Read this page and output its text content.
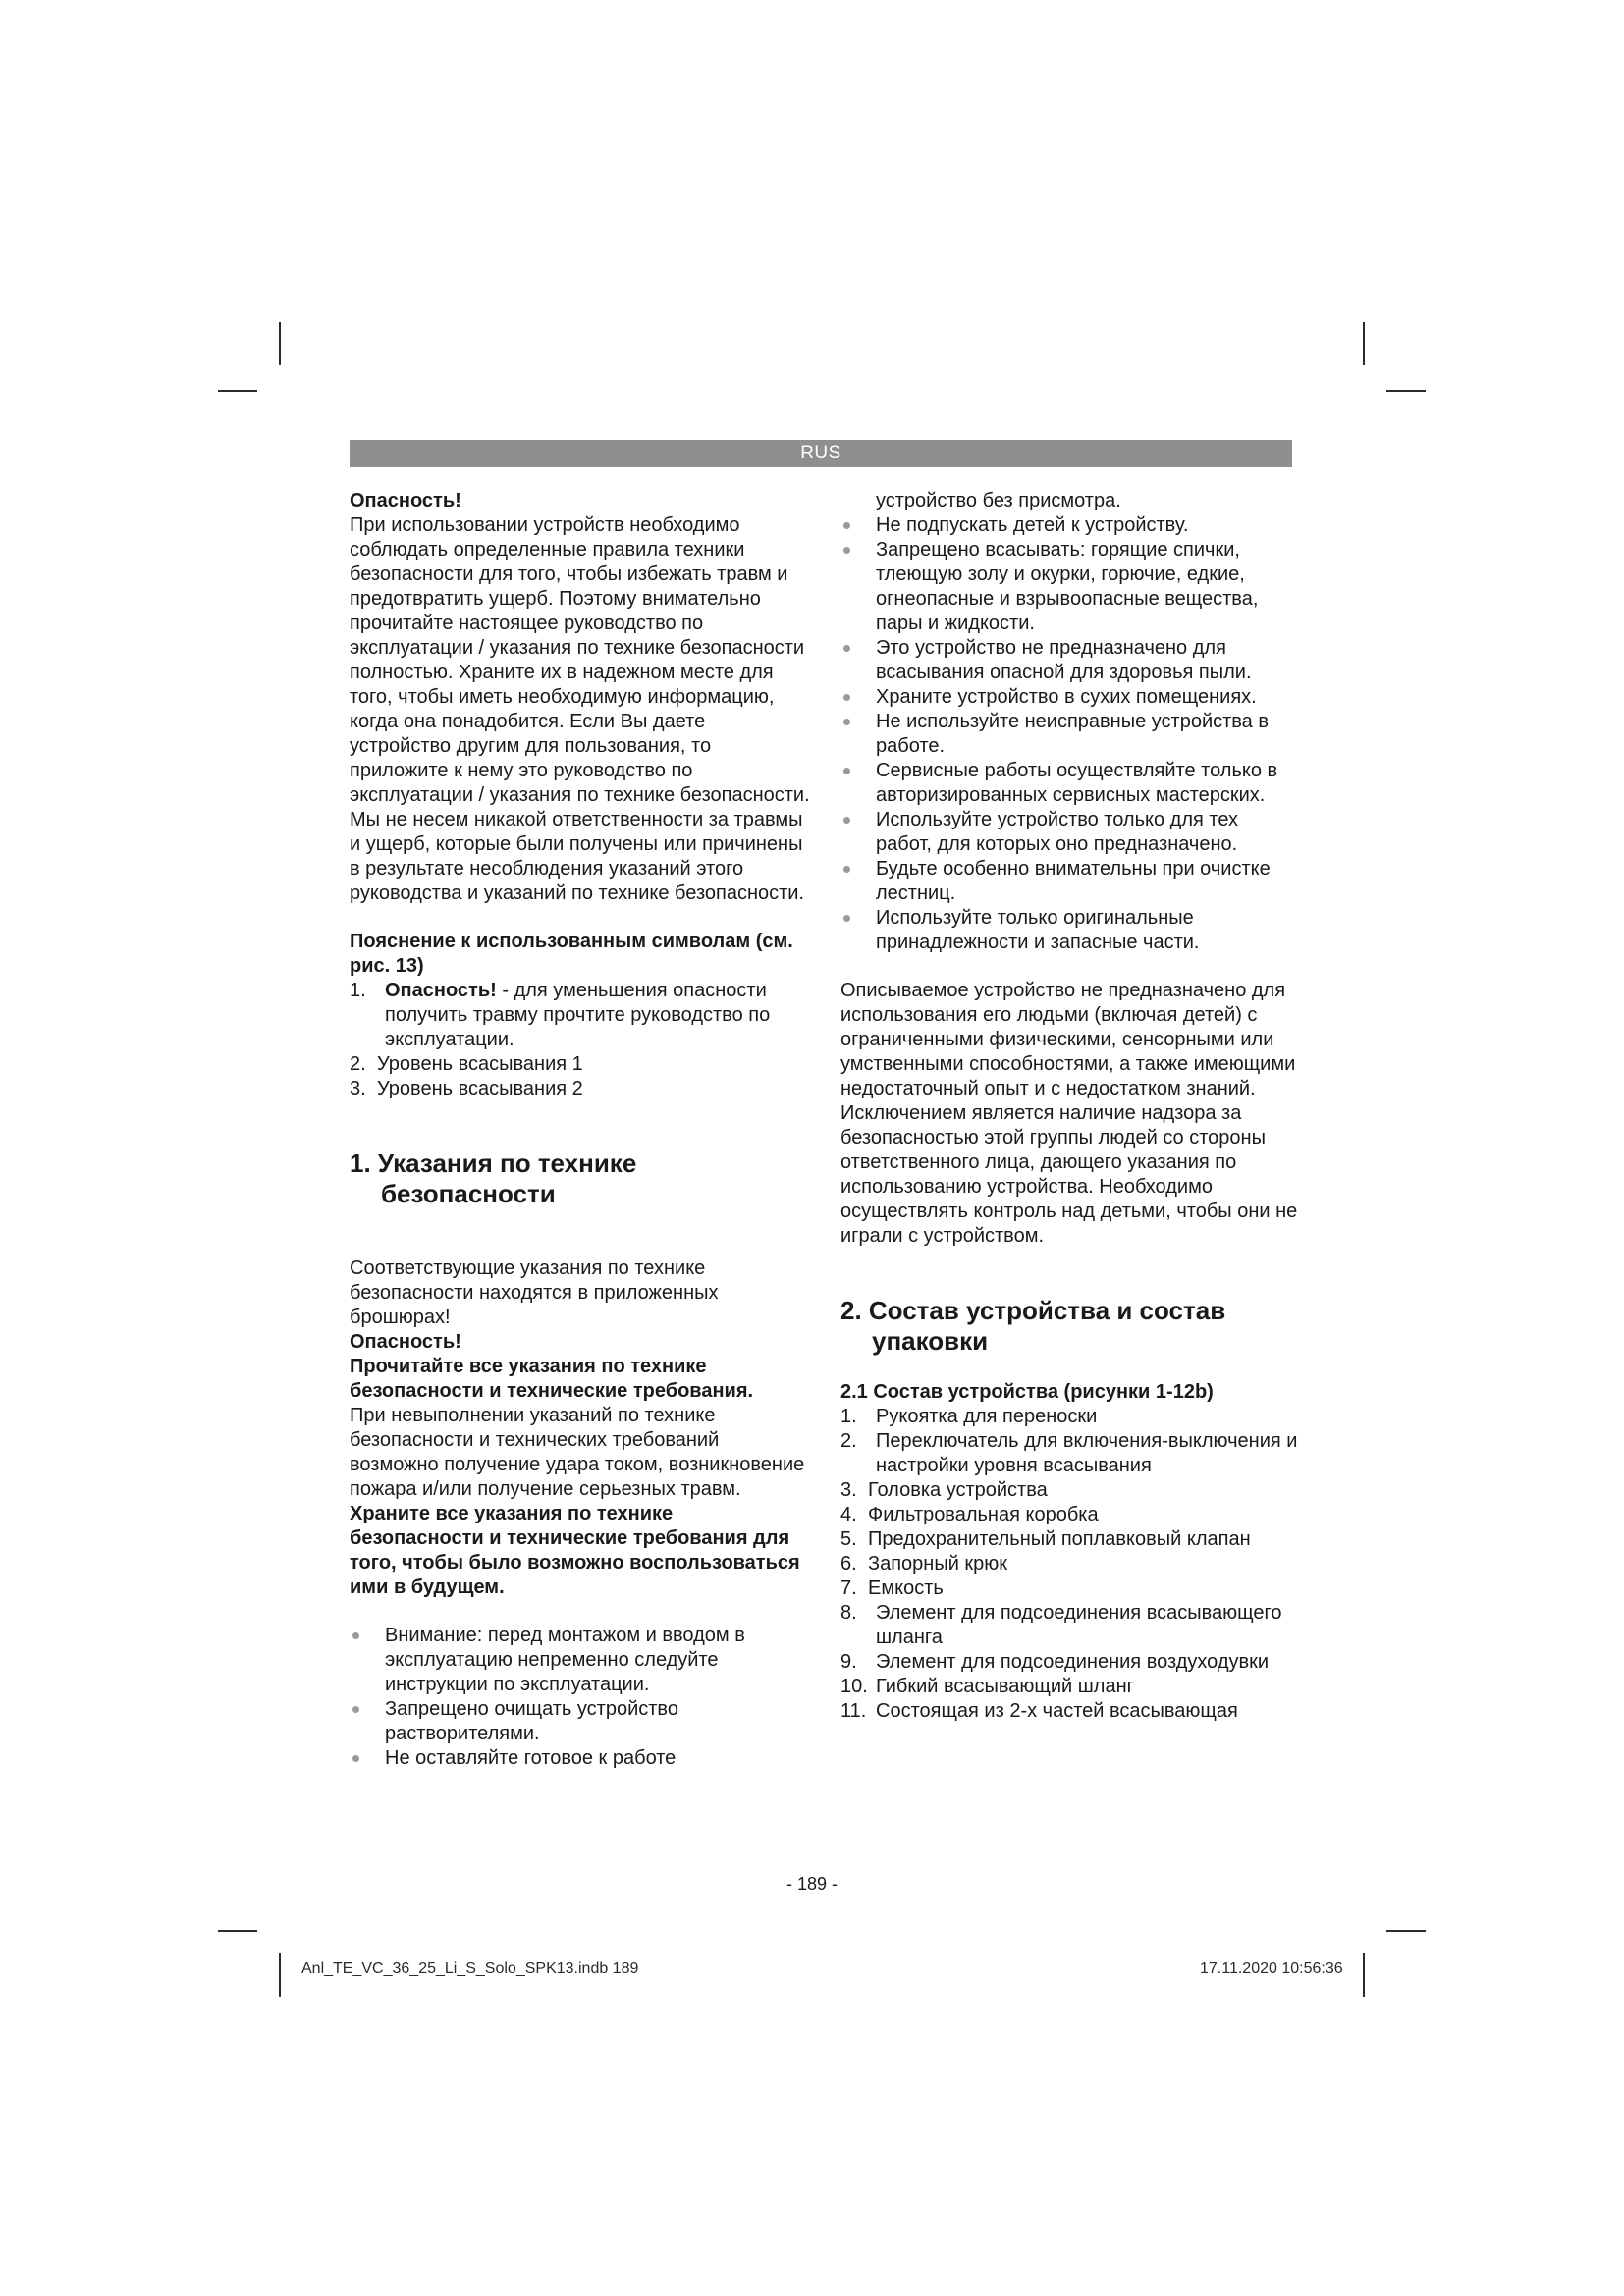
RUS

Опасность!

При использовании устройств необходимо соблюдать определенные правила техники безопасности для того, чтобы избежать травм и предотвратить ущерб. Поэтому внимательно прочитайте настоящее руководство по эксплуатации / указания по технике безопасности полностью. Храните их в надежном месте для того, чтобы иметь необходимую информацию, когда она понадобится. Если Вы даете устройство другим для пользования, то приложите к нему это руководство по эксплуатации / указания по технике безопасности. Мы не несем никакой ответственности за травмы и ущерб, которые были получены или причинены в результате несоблюдения указаний этого руководства и указаний по технике безопасности.

Пояснение к использованным символам (см. рис. 13)

1. Опасность! - для уменьшения опасности получить травму прочтите руководство по эксплуатации.
2. Уровень всасывания 1
3. Уровень всасывания 2

1. Указания по технике безопасности

Соответствующие указания по технике безопасности находятся в приложенных брошюрах!

Опасность!

Прочитайте все указания по технике безопасности и технические требования.

При невыполнении указаний по технике безопасности и технических требований возможно получение удара током, возникновение пожара и/или получение серьезных травм. Храните все указания по технике безопасности и технические требования для того, чтобы было возможно воспользоваться ими в будущем.

Внимание: перед монтажом и вводом в эксплуатацию непременно следуйте инструкции по эксплуатации.
Запрещено очищать устройство растворителями.
Не оставляйте готовое к работе

устройство без присмотра.

Не подпускать детей к устройству.
Запрещено всасывать: горящие спички, тлеющую золу и окурки, горючие, едкие, огнеопасные и взрывоопасные вещества, пары и жидкости.
Это устройство не предназначено для всасывания опасной для здоровья пыли.
Храните устройство в сухих помещениях.
Не используйте неисправные устройства в работе.
Сервисные работы осуществляйте только в авторизированных сервисных мастерских.
Используйте устройство только для тех работ, для которых оно предназначено.
Будьте особенно внимательны при очистке лестниц.
Используйте только оригинальные принадлежности и запасные части.

Описываемое устройство не предназначено для использования его людьми (включая детей) с ограниченными физическими, сенсорными или умственными способностями, а также имеющими недостаточный опыт и с недостатком знаний. Исключением является наличие надзора за безопасностью этой группы людей со стороны ответственного лица, дающего указания по использованию устройства. Необходимо осуществлять контроль над детьми, чтобы они не играли с устройством.

2. Состав устройства и состав упаковки

2.1 Состав устройства (рисунки 1-12b)

1. Рукоятка для переноски
2. Переключатель для включения-выключения и настройки уровня всасывания
3. Головка устройства
4. Фильтровальная коробка
5. Предохранительный поплавковый клапан
6. Запорный крюк
7. Емкость
8. Элемент для подсоединения всасывающего шланга
9. Элемент для подсоединения воздуходувки
10. Гибкий всасывающий шланг
11. Состоящая из 2-х частей всасывающая
- 189 -
Anl_TE_VC_36_25_Li_S_Solo_SPK13.indb 189	17.11.2020 10:56:36
